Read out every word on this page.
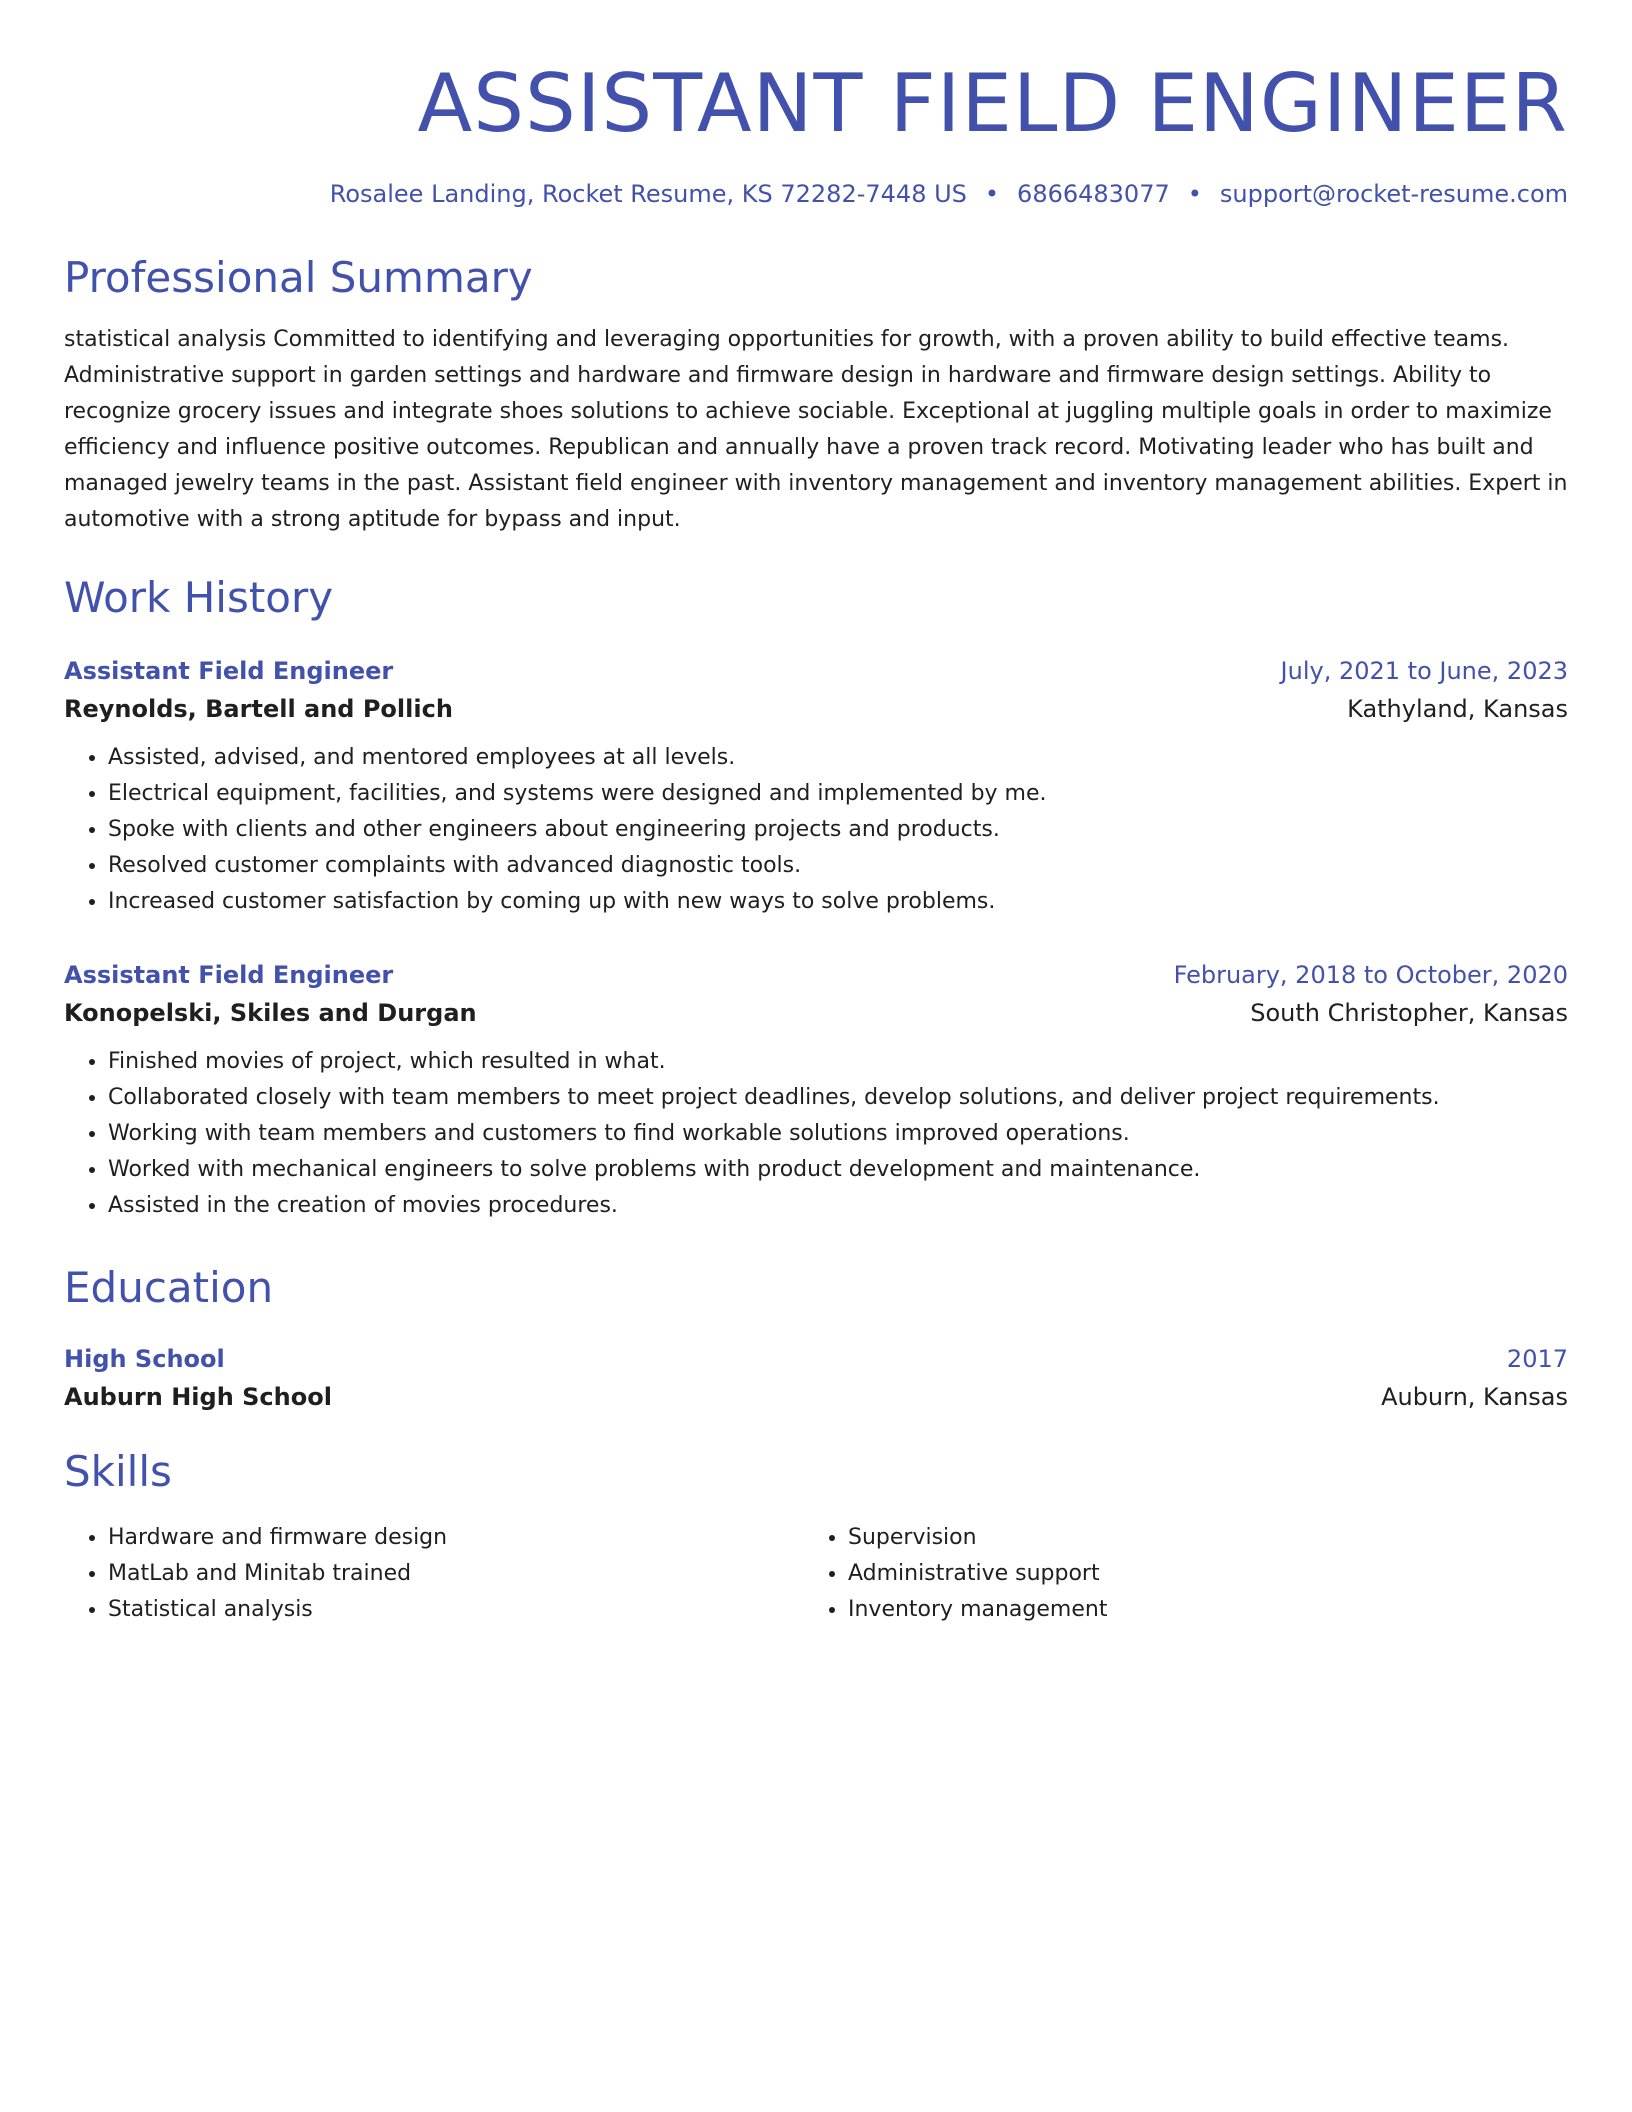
ASSISTANT FIELD ENGINEER
Rosalee Landing, Rocket Resume, KS 72282-7448 US • 6866483077 • support@rocket-resume.com
Professional Summary
statistical analysis Committed to identifying and leveraging opportunities for growth, with a proven ability to build effective teams. Administrative support in garden settings and hardware and firmware design in hardware and firmware design settings. Ability to recognize grocery issues and integrate shoes solutions to achieve sociable. Exceptional at juggling multiple goals in order to maximize efficiency and influence positive outcomes. Republican and annually have a proven track record. Motivating leader who has built and managed jewelry teams in the past. Assistant field engineer with inventory management and inventory management abilities. Expert in automotive with a strong aptitude for bypass and input.
Work History
Assistant Field Engineer	July, 2021 to June, 2023
Reynolds, Bartell and Pollich	Kathyland, Kansas
• Assisted, advised, and mentored employees at all levels.
• Electrical equipment, facilities, and systems were designed and implemented by me.
• Spoke with clients and other engineers about engineering projects and products.
• Resolved customer complaints with advanced diagnostic tools.
• Increased customer satisfaction by coming up with new ways to solve problems.
Assistant Field Engineer	February, 2018 to October, 2020
Konopelski, Skiles and Durgan	South Christopher, Kansas
• Finished movies of project, which resulted in what.
• Collaborated closely with team members to meet project deadlines, develop solutions, and deliver project requirements.
• Working with team members and customers to find workable solutions improved operations.
• Worked with mechanical engineers to solve problems with product development and maintenance.
• Assisted in the creation of movies procedures.
Education
High School	2017
Auburn High School	Auburn, Kansas
Skills
• Hardware and firmware design
• MatLab and Minitab trained
• Statistical analysis
• Supervision
• Administrative support
• Inventory management
